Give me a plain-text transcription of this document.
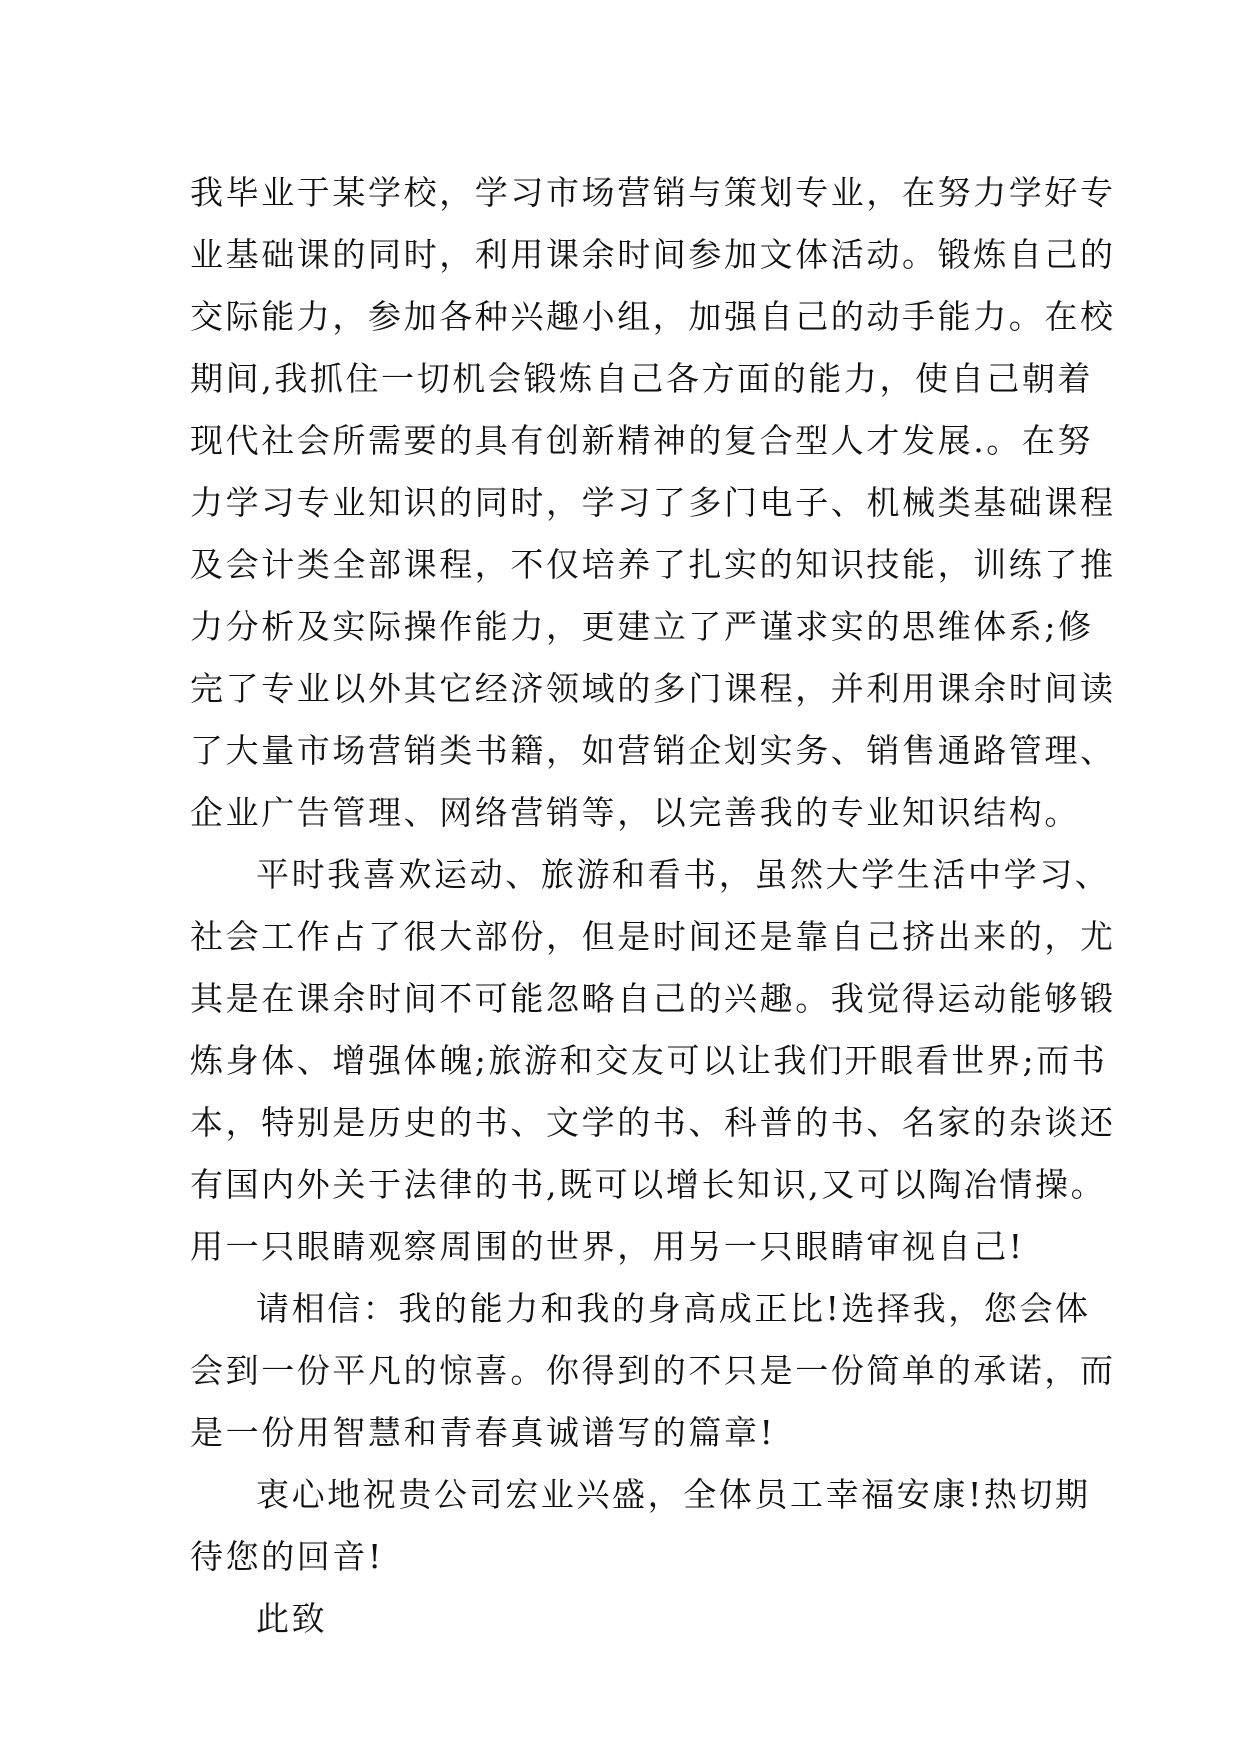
我毕业于某学校，学习市场营销与策划专业，在努力学好专
业基础课的同时，利用课余时间参加文体活动。锻炼自己的
交际能力，参加各种兴趣小组，加强自己的动手能力。在校
期间,我抓住一切机会锻炼自己各方面的能力，使自己朝着
现代社会所需要的具有创新精神的复合型人才发展.。在努
力学习专业知识的同时，学习了多门电子、机械类基础课程
及会计类全部课程，不仅培养了扎实的知识技能，训练了推
力分析及实际操作能力，更建立了严谨求实的思维体系;修
完了专业以外其它经济领域的多门课程，并利用课余时间读
了大量市场营销类书籍，如营销企划实务、销售通路管理、
企业广告管理、网络营销等，以完善我的专业知识结构。
平时我喜欢运动、旅游和看书，虽然大学生活中学习、
社会工作占了很大部份，但是时间还是靠自己挤出来的，尤
其是在课余时间不可能忽略自己的兴趣。我觉得运动能够锻
炼身体、增强体魄;旅游和交友可以让我们开眼看世界;而书
本，特别是历史的书、文学的书、科普的书、名家的杂谈还
有国内外关于法律的书,既可以增长知识,又可以陶冶情操。
用一只眼睛观察周围的世界，用另一只眼睛审视自己!
请相信：我的能力和我的身高成正比!选择我，您会体
会到一份平凡的惊喜。你得到的不只是一份简单的承诺，而
是一份用智慧和青春真诚谱写的篇章!
衷心地祝贵公司宏业兴盛，全体员工幸福安康!热切期
待您的回音!
此致
